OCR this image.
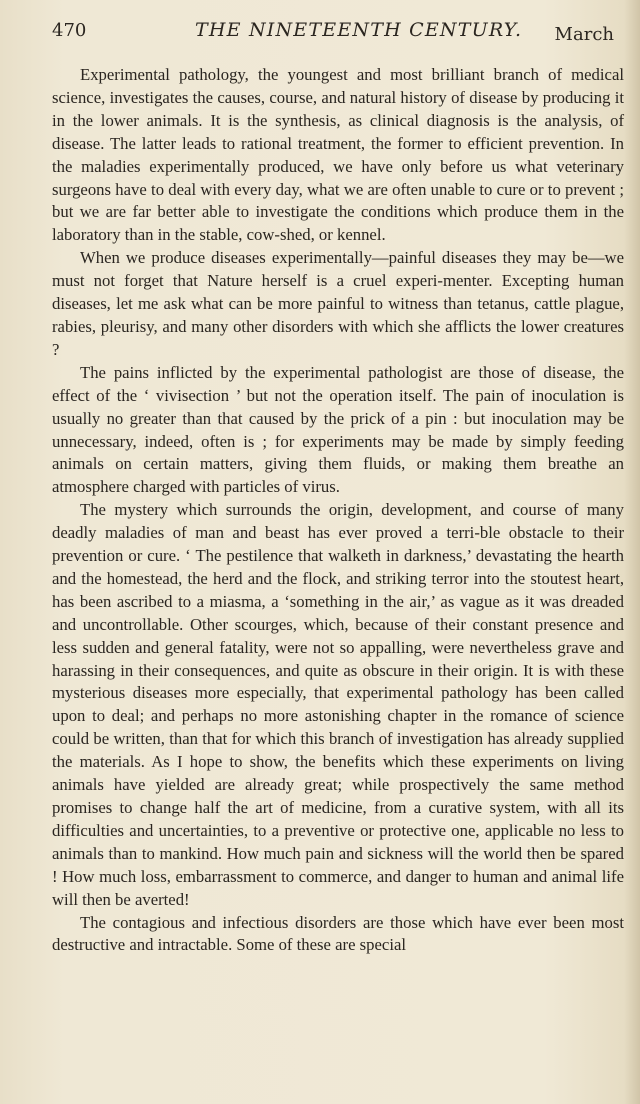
470	THE NINETEENTH CENTURY. March

Experimental pathology, the youngest and most brilliant branch of medical science, investigates the causes, course, and natural history of disease by producing it in the lower animals. It is the synthesis, as clinical diagnosis is the analysis, of disease. The latter leads to rational treatment, the former to efficient prevention. In the maladies experimentally produced, we have only before us what veterinary surgeons have to deal with every day, what we are often unable to cure or to prevent ; but we are far better able to investigate the conditions which produce them in the laboratory than in the stable, cow-shed, or kennel.

When we produce diseases experimentally—painful diseases they may be—we must not forget that Nature herself is a cruel experi-menter. Excepting human diseases, let me ask what can be more painful to witness than tetanus, cattle plague, rabies, pleurisy, and many other disorders with which she afflicts the lower creatures ?

The pains inflicted by the experimental pathologist are those of disease, the effect of the ‘ vivisection ’ but not the operation itself. The pain of inoculation is usually no greater than that caused by the prick of a pin : but inoculation may be unnecessary, indeed, often is ; for experiments may be made by simply feeding animals on certain matters, giving them fluids, or making them breathe an atmosphere charged with particles of virus.

The mystery which surrounds the origin, development, and course of many deadly maladies of man and beast has ever proved a terri-ble obstacle to their prevention or cure. ‘ The pestilence that walketh in darkness,’ devastating the hearth and the homestead, the herd and the flock, and striking terror into the stoutest heart, has been ascribed to a miasma, a ‘something in the air,’ as vague as it was dreaded and uncontrollable. Other scourges, which, because of their constant presence and less sudden and general fatality, were not so appalling, were nevertheless grave and harassing in their consequences, and quite as obscure in their origin. It is with these mysterious diseases more especially, that experimental pathology has been called upon to deal; and perhaps no more astonishing chapter in the romance of science could be written, than that for which this branch of investigation has already supplied the materials. As I hope to show, the benefits which these experiments on living animals have yielded are already great; while prospectively the same method promises to change half the art of medicine, from a curative system, with all its difficulties and uncertainties, to a preventive or protective one, applicable no less to animals than to mankind. How much pain and sickness will the world then be spared ! How much loss, embarrassment to commerce, and danger to human and animal life will then be averted!

The contagious and infectious disorders are those which have ever been most destructive and intractable. Some of these are special
